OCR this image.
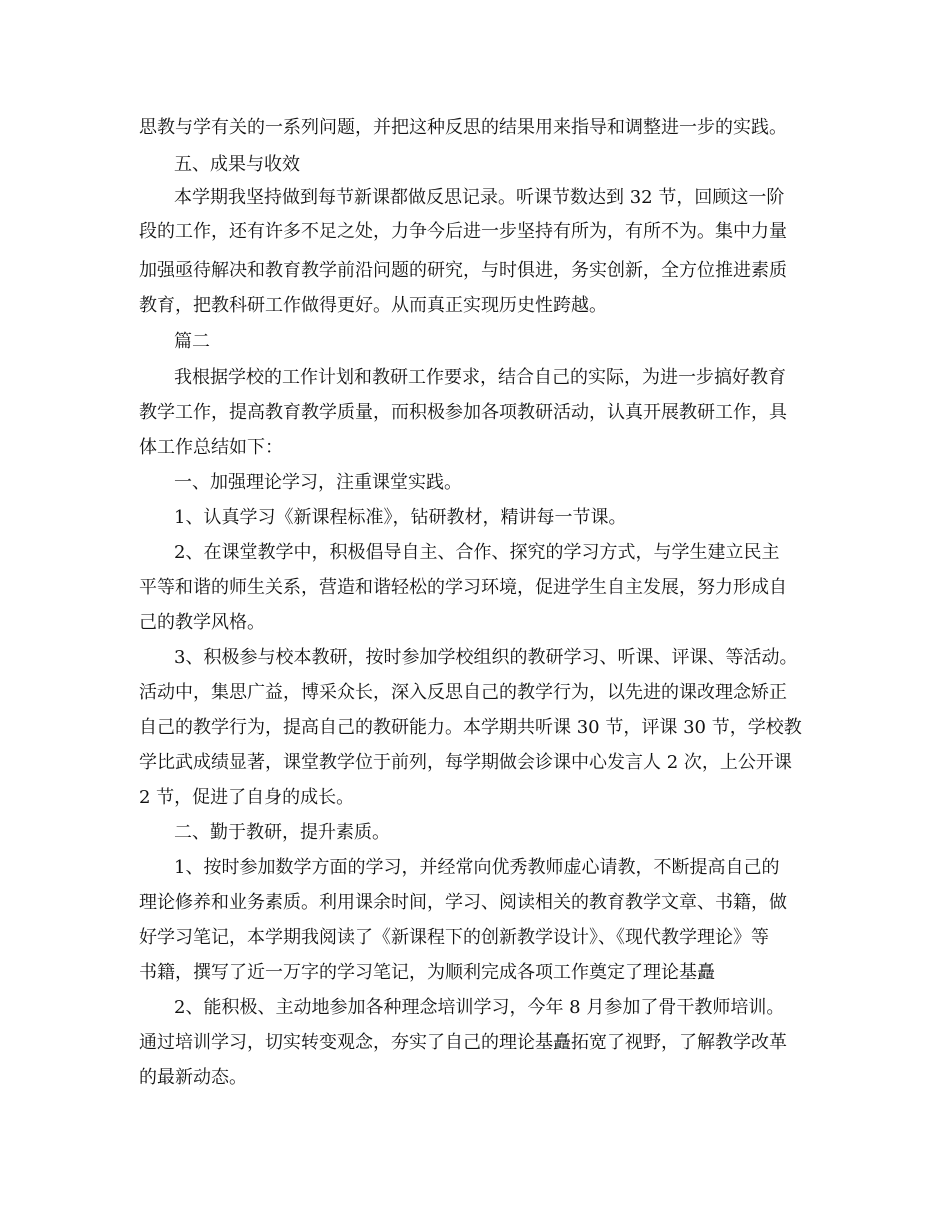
思教与学有关的一系列问题，并把这种反思的结果用来指导和调整进一步的实践。
五、成果与收效
本学期我坚持做到每节新课都做反思记录。听课节数达到 32 节，回顾这一阶
段的工作，还有许多不足之处，力争今后进一步坚持有所为，有所不为。集中力量
加强亟待解决和教育教学前沿问题的研究，与时俱进，务实创新，全方位推进素质
教育，把教科研工作做得更好。从而真正实现历史性跨越。
篇二
我根据学校的工作计划和教研工作要求，结合自己的实际，为进一步搞好教育
教学工作，提高教育教学质量，而积极参加各项教研活动，认真开展教研工作，具
体工作总结如下：
一、加强理论学习，注重课堂实践。
1、认真学习《新课程标准》，钻研教材，精讲每一节课。
2、在课堂教学中，积极倡导自主、合作、探究的学习方式，与学生建立民主
平等和谐的师生关系，营造和谐轻松的学习环境，促进学生自主发展，努力形成自
己的教学风格。
3、积极参与校本教研，按时参加学校组织的教研学习、听课、评课、等活动。
活动中，集思广益，博采众长，深入反思自己的教学行为，以先进的课改理念矫正
自己的教学行为，提高自己的教研能力。本学期共听课 30 节，评课 30 节，学校教
学比武成绩显著，课堂教学位于前列，每学期做会诊课中心发言人 2 次，上公开课
2 节，促进了自身的成长。
二、勤于教研，提升素质。
1、按时参加数学方面的学习，并经常向优秀教师虚心请教，不断提高自己的
理论修养和业务素质。利用课余时间，学习、阅读相关的教育教学文章、书籍，做
好学习笔记，本学期我阅读了《新课程下的创新教学设计》、《现代教学理论》等
书籍，撰写了近一万字的学习笔记，为顺利完成各项工作奠定了理论基矗
2、能积极、主动地参加各种理念培训学习，今年 8 月参加了骨干教师培训。
通过培训学习，切实转变观念，夯实了自己的理论基矗拓宽了视野，了解教学改革
的最新动态。
